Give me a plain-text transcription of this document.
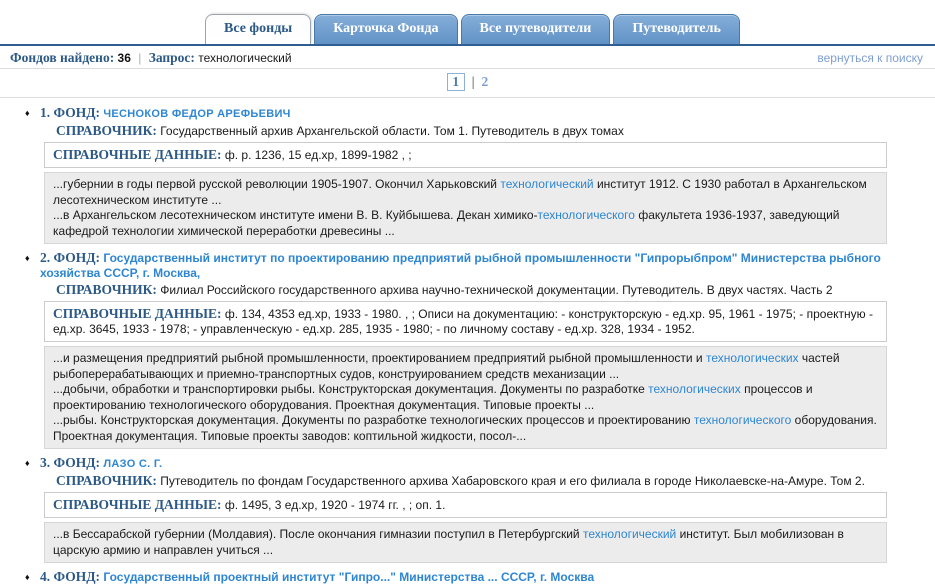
Все фонды	Карточка Фонда	Все путеводители	Путеводитель
Фондов найдено: 36 | Запрос: технологический	вернуться к поиску
1 | 2
♦ 1. ФОНД: ЧЕСНОКОВ ФЕДОР АРЕФЬЕВИЧ
СПРАВОЧНИК: Государственный архив Архангельской области. Том 1. Путеводитель в двух томах
СПРАВОЧНЫЕ ДАННЫЕ: ф. р. 1236, 15 ед.хр, 1899-1982 , ;

...губернии в годы первой русской революции 1905-1907. Окончил Харьковский технологический институт 1912. С 1930 работал в Архангельском лесотехническом институте ...

...в Архангельском лесотехническом институте имени В. В. Куйбышева. Декан химико-технологического факультета 1936-1937, заведующий кафедрой технологии химической переработки древесины ...

♦ 2. ФОНД: Государственный институт по проектированию предприятий рыбной промышленности "Гипрорыбпром" Министерства рыбного хозяйства СССР, г. Москва,
СПРАВОЧНИК: Филиал Российского государственного архива научно-технической документации. Путеводитель. В двух частях. Часть 2
СПРАВОЧНЫЕ ДАННЫЕ: ф. 134, 4353 ед.хр, 1933 - 1980. , ; Описи на документацию: - конструкторскую - ед.хр. 95, 1961 - 1975; - проектную - ед.хр. 3645, 1933 - 1978; - управленческую - ед.хр. 285, 1935 - 1980; - по личному составу - ед.хр. 328, 1934 - 1952.

...и размещения предприятий рыбной промышленности, проектированием предприятий рыбной промышленности и технологических частей рыбоперерабатывающих и приемно-транспортных судов, конструированием средств механизации ...

...добычи, обработки и транспортировки рыбы. Конструкторская документация. Документы по разработке технологических процессов и проектированию технологического оборудования. Проектная документация. Типовые проекты ...

...рыбы. Конструкторская документация. Документы по разработке технологических процессов и проектированию технологического оборудования. Проектная документация. Типовые проекты заводов: коптильной жидкости, посол-...

♦ 3. ФОНД: ЛАЗО С. Г.
СПРАВОЧНИК: Путеводитель по фондам Государственного архива Хабаровского края и его филиала в городе Николаевске-на-Амуре. Том 2.
СПРАВОЧНЫЕ ДАННЫЕ: ф. 1495, 3 ед.хр, 1920 - 1974 гг. , ; оп. 1.

...в Бессарабской губернии (Молдавия). После окончания гимназии поступил в Петербургский технологический институт. Был мобилизован в царскую армию и направлен учиться ...

♦ 4. ФОНД: Государственный проектный институт "Гипро..." Министерства ... СССР, г. Москва
